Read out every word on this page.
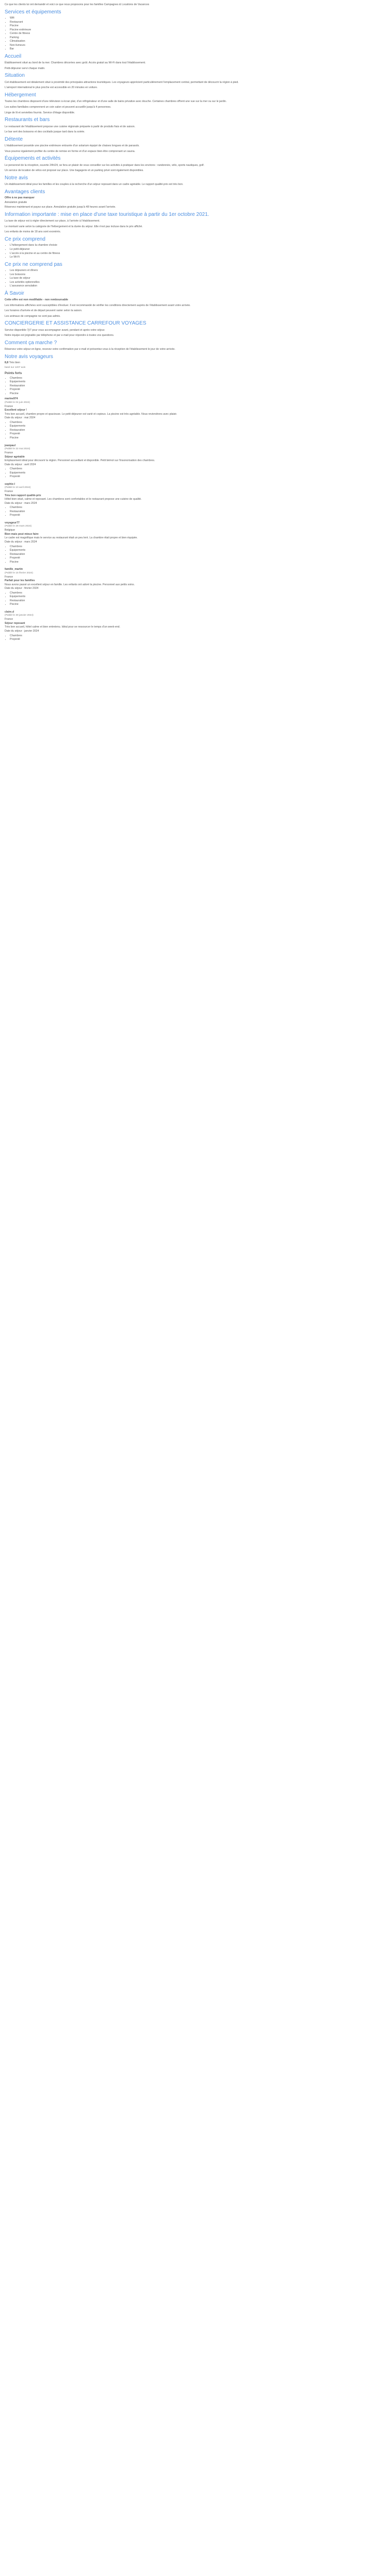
Ce que les clients lui ont demandé et voici ce que nous proposons pour les familles Campagnes & Locations de Vacances

Services et équipements
• Wifi
• Restaurant
• Piscine
• Piscine extérieure
• Centre de fitness
• Parking
• Climatisation
• Non-fumeurs
• Bar
Accueil

Établissement situé au bord de la mer. Chambres décorées avec goût. Accès gratuit au Wi-Fi dans tout l'établissement.

Petit-déjeuner servi chaque matin.

Situation

Cet établissement est idéalement situé à proximité des principales attractions touristiques. Les voyageurs apprécient particulièrement l'emplacement central, permettant de découvrir la région à pied.

L'aéroport international le plus proche est accessible en 20 minutes en voiture.

Hébergement

Toutes les chambres disposent d'une télévision à écran plat, d'un réfrigérateur et d'une salle de bains privative avec douche. Certaines chambres offrent une vue sur la mer ou sur le jardin.

Les suites familiales comprennent un coin salon et peuvent accueillir jusqu'à 4 personnes.

Linge de lit et serviettes fournis. Service d'étage disponible.

Restaurants et bars

Le restaurant de l'établissement propose une cuisine régionale préparée à partir de produits frais et de saison.

Le bar sert des boissons et des cocktails jusque tard dans la soirée.

Détente

L'établissement possède une piscine extérieure entourée d'un solarium équipé de chaises longues et de parasols.

Vous pourrez également profiter du centre de remise en forme et d'un espace bien-être comprenant un sauna.

Équipements et activités

Le personnel de la réception, ouverte 24h/24, se fera un plaisir de vous conseiller sur les activités à pratiquer dans les environs : randonnée, vélo, sports nautiques, golf.

Un service de location de vélos est proposé sur place. Une bagagerie et un parking privé sont également disponibles.

Notre avis

Un établissement idéal pour les familles et les couples à la recherche d'un séjour reposant dans un cadre agréable. Le rapport qualité-prix est très bon.

Avantages clients
Offre à ne pas manquer
Annulation gratuite

Réservez maintenant et payez sur place. Annulation gratuite jusqu'à 48 heures avant l'arrivée.

Information importante : mise en place d'une taxe touristique à partir du 1er octobre 2021.

La taxe de séjour est à régler directement sur place, à l'arrivée à l'établissement.

Le montant varie selon la catégorie de l'hébergement et la durée du séjour. Elle n'est pas incluse dans le prix affiché.

Les enfants de moins de 18 ans sont exonérés.

Ce prix comprend
• L'hébergement dans la chambre choisie
• Le petit-déjeuner
• L'accès à la piscine et au centre de fitness
• Le Wi-Fi
Ce prix ne comprend pas
• Les déjeuners et dîners
• Les boissons
• La taxe de séjour
• Les activités optionnelles
• L'assurance annulation
À Savoir

Cette offre est non modifiable - non remboursable

Les informations affichées sont susceptibles d'évoluer. Il est recommandé de vérifier les conditions directement auprès de l'établissement avant votre arrivée.

Les horaires d'arrivée et de départ peuvent varier selon la saison.

Les animaux de compagnie ne sont pas admis.

CONCIERGERIE ET ASSISTANCE CARREFOUR VOYAGES

Service disponible 7j/7 pour vous accompagner avant, pendant et après votre séjour.

Notre équipe est joignable par téléphone et par e-mail pour répondre à toutes vos questions.

Comment ça marche ?

Réservez votre séjour en ligne, recevez votre confirmation par e-mail et présentez-vous à la réception de l'établissement le jour de votre arrivée.

Notre avis voyageurs
8,8 Très bien

basé sur 1207 avis

Points forts
• Chambres
• Équipements
• Restauration
• Propreté
• Piscine
marine974
(Publié le 04 juin 2024)
France
Excellent séjour !
Très bon accueil, chambre propre et spacieuse. Le petit-déjeuner est varié et copieux. La piscine est très agréable. Nous reviendrons avec plaisir.
Date du séjour : mai 2024
• Chambres
• Équipements
• Restauration
• Propreté
• Piscine
jeanpaul
(Publié le 22 mai 2024)
France
Séjour agréable
Emplacement idéal pour découvrir la région. Personnel accueillant et disponible. Petit bémol sur l'insonorisation des chambres.
Date du séjour : avril 2024
• Chambres
• Équipements
• Propreté
sophie-l
(Publié le 10 avril 2024)
France
Très bon rapport qualité-prix
Hôtel bien situé, calme et reposant. Les chambres sont confortables et le restaurant propose une cuisine de qualité.
Date du séjour : mars 2024
• Chambres
• Restauration
• Propreté
voyageur77
(Publié le 28 mars 2024)
Belgique
Bien mais peut mieux faire
Le cadre est magnifique mais le service au restaurant était un peu lent. La chambre était propre et bien équipée.
Date du séjour : mars 2024
• Chambres
• Équipements
• Restauration
• Propreté
• Piscine
famille_martin
(Publié le 15 février 2024)
France
Parfait pour les familles
Nous avons passé un excellent séjour en famille. Les enfants ont adoré la piscine. Personnel aux petits soins.
Date du séjour : février 2024
• Chambres
• Équipements
• Restauration
• Piscine
claire.d
(Publié le 30 janvier 2024)
France
Séjour reposant
Très bon accueil, hôtel calme et bien entretenu. Idéal pour se ressourcer le temps d'un week-end.
Date du séjour : janvier 2024
• Chambres
• Propreté
